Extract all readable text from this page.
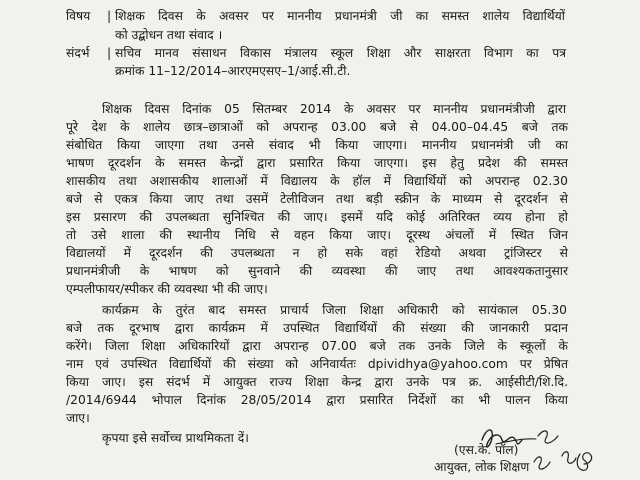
विषय | शिक्षक दिवस के अवसर पर माननीय प्रधानमंत्री जी का समस्त शालेय विद्यार्थियों
को उद्बोधन तथा संवाद ।
संदर्भ | सचिव मानव संसाधन विकास मंत्रालय स्कूल शिक्षा और साक्षरता विभाग का पत्र
क्रमांक 11–12/2014–आरएमएसए–1/आई.सी.टी.
शिक्षक दिवस दिनांक 05 सितम्बर 2014 के अवसर पर माननीय प्रधानमंत्रीजी द्वारा
पूरे देश के शालेय छात्र–छात्राओं को अपरान्ह 03.00 बजे से 04.00–04.45 बजे तक
संबोधित किया जाएगा तथा उनसे संवाद भी किया जाएगा। माननीय प्रधानमंत्री जी का
भाषण दूरदर्शन के समस्त केन्द्रों द्वारा प्रसारित किया जाएगा। इस हेतु प्रदेश की समस्त
शासकीय तथा अशासकीय शालाओं में विद्यालय के हॉल में विद्यार्थियों को अपरान्ह 02.30
बजे से एकत्र किया जाए तथा उसमें टेलीविजन तथा बड़ी स्क्रीन के माध्यम से दूरदर्शन से
इस प्रसारण की उपलब्धता सुनिश्चित की जाए। इसमें यदि कोई अतिरिक्त व्यय होना हो
तो उसे शाला की स्थानीय निधि से वहन किया जाए। दूरस्थ अंचलों में स्थित जिन
विद्यालयों में दूरदर्शन की उपलब्धता न हो सके वहां रेडियो अथवा ट्रांजिस्टर से
प्रधानमंत्रीजी के भाषण को सुनवाने की व्यवस्था की जाए तथा आवश्यकतानुसार
एम्पलीफायर/स्पीकर की व्यवस्था भी की जाए।
कार्यक्रम के तुरंत बाद समस्त प्राचार्य जिला शिक्षा अधिकारी को सायंकाल 05.30
बजे तक दूरभाष द्वारा कार्यक्रम में उपस्थित विद्यार्थियों की संख्या की जानकारी प्रदान
करेंगे। जिला शिक्षा अधिकारियों द्वारा अपरान्ह 07.00 बजे तक उनके जिले के स्कूलों के
नाम एवं उपस्थित विद्यार्थियों की संख्या को अनिवार्यतः dpividhya@yahoo.com पर प्रेषित
किया जाए। इस संदर्भ में आयुक्त राज्य शिक्षा केन्द्र द्वारा उनके पत्र क्र. आईसीटी/शि.दि.
/2014/6944 भोपाल दिनांक 28/05/2014 द्वारा प्रसारित निर्देशों का भी पालन किया
जाए।
कृपया इसे सर्वोच्च प्राथमिकता दें।
(एस.के. पॉल)
आयुक्त, लोक शिक्षण
